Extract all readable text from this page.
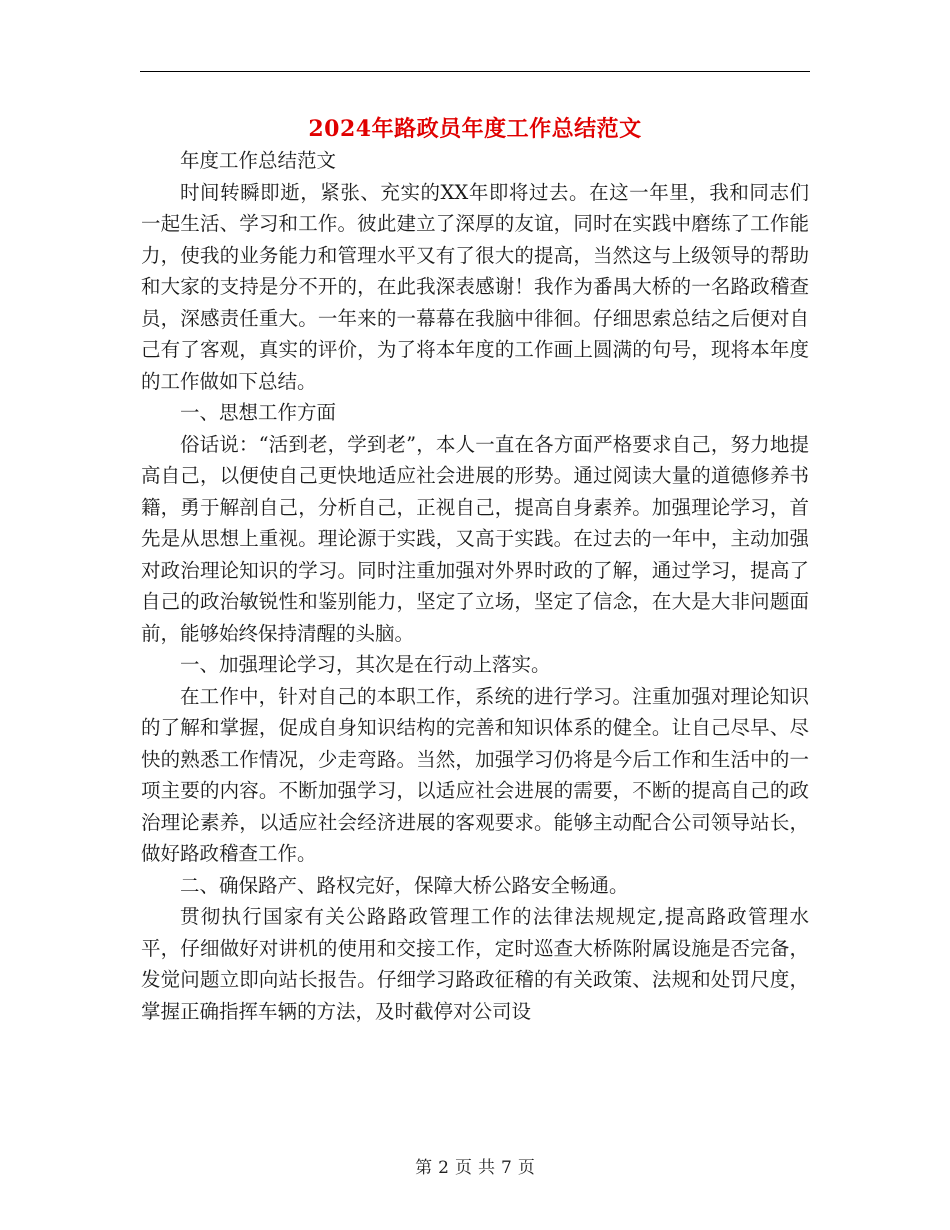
2024年路政员年度工作总结范文

年度工作总结范文

时间转瞬即逝，紧张、充实的XX年即将过去。在这一年里，我和同志们一起生活、学习和工作。彼此建立了深厚的友谊，同时在实践中磨练了工作能力，使我的业务能力和管理水平又有了很大的提高，当然这与上级领导的帮助和大家的支持是分不开的，在此我深表感谢！我作为番禺大桥的一名路政稽查员，深感责任重大。一年来的一幕幕在我脑中徘徊。仔细思索总结之后便对自己有了客观，真实的评价，为了将本年度的工作画上圆满的句号，现将本年度的工作做如下总结。

一、思想工作方面

俗话说：“活到老，学到老”，本人一直在各方面严格要求自己，努力地提高自己，以便使自己更快地适应社会进展的形势。通过阅读大量的道德修养书籍，勇于解剖自己，分析自己，正视自己，提高自身素养。加强理论学习，首先是从思想上重视。理论源于实践，又高于实践。在过去的一年中，主动加强对政治理论知识的学习。同时注重加强对外界时政的了解，通过学习，提高了自己的政治敏锐性和鉴别能力，坚定了立场，坚定了信念，在大是大非问题面前，能够始终保持清醒的头脑。

一、加强理论学习，其次是在行动上落实。

在工作中，针对自己的本职工作，系统的进行学习。注重加强对理论知识的了解和掌握，促成自身知识结构的完善和知识体系的健全。让自己尽早、尽快的熟悉工作情况，少走弯路。当然，加强学习仍将是今后工作和生活中的一项主要的内容。不断加强学习，以适应社会进展的需要，不断的提高自己的政治理论素养，以适应社会经济进展的客观要求。能够主动配合公司领导站长，做好路政稽查工作。

二、确保路产、路权完好，保障大桥公路安全畅通。

贯彻执行国家有关公路路政管理工作的法律法规规定,提高路政管理水平，仔细做好对讲机的使用和交接工作，定时巡查大桥陈附属设施是否完备，发觉问题立即向站长报告。仔细学习路政征稽的有关政策、法规和处罚尺度，掌握正确指挥车辆的方法，及时截停对公司设

第 2 页 共 7 页
